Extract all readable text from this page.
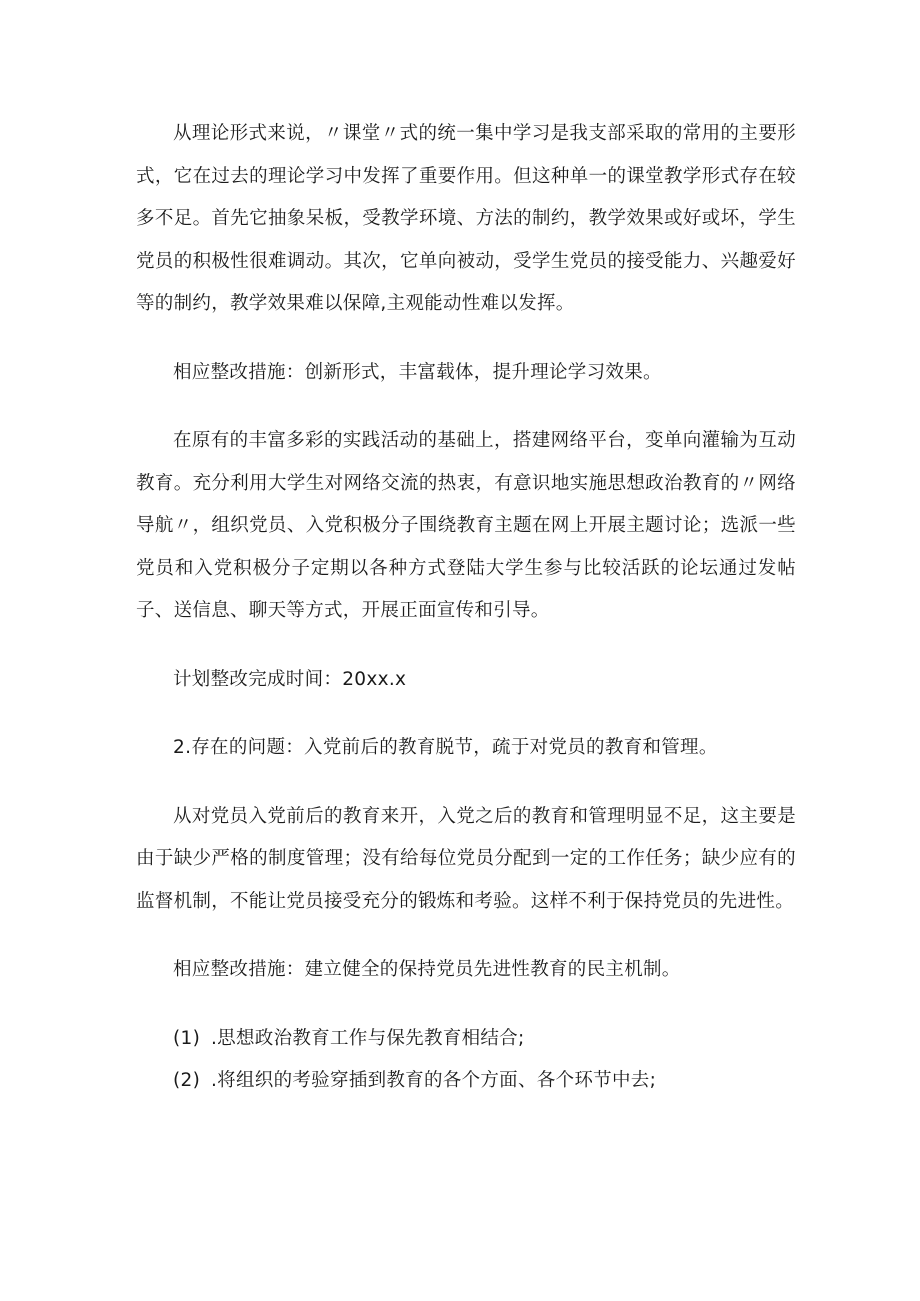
从理论形式来说，〃课堂〃式的统一集中学习是我支部采取的常用的主要形式，它在过去的理论学习中发挥了重要作用。但这种单一的课堂教学形式存在较多不足。首先它抽象呆板，受教学环境、方法的制约，教学效果或好或坏，学生党员的积极性很难调动。其次，它单向被动，受学生党员的接受能力、兴趣爱好等的制约，教学效果难以保障,主观能动性难以发挥。

相应整改措施：创新形式，丰富载体，提升理论学习效果。

在原有的丰富多彩的实践活动的基础上，搭建网络平台，变单向灌输为互动教育。充分利用大学生对网络交流的热衷，有意识地实施思想政治教育的〃网络导航〃，组织党员、入党积极分子围绕教育主题在网上开展主题讨论；选派一些党员和入党积极分子定期以各种方式登陆大学生参与比较活跃的论坛通过发帖子、送信息、聊天等方式，开展正面宣传和引导。

计划整改完成时间：20xx.x

2.存在的问题：入党前后的教育脱节，疏于对党员的教育和管理。

从对党员入党前后的教育来开，入党之后的教育和管理明显不足，这主要是由于缺少严格的制度管理；没有给每位党员分配到一定的工作任务；缺少应有的监督机制，不能让党员接受充分的锻炼和考验。这样不利于保持党员的先进性。

相应整改措施：建立健全的保持党员先进性教育的民主机制。

(1) .思想政治教育工作与保先教育相结合;

(2) .将组织的考验穿插到教育的各个方面、各个环节中去;
